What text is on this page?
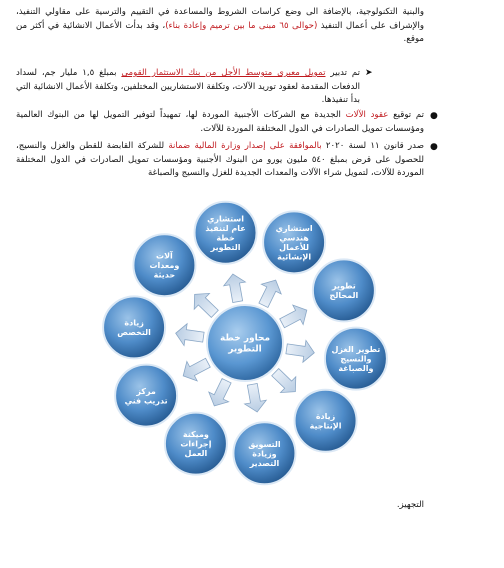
والبنية التكنولوجية، بالإضافة الى وضع كراسات الشروط والمساعدة في التقييم والترسية على مقاولي التنفيذ، والإشراف على أعمال التنفيذ (حوالى ٦٥ مبنى ما بين ترميم وإعادة بناء)، وقد بدأت الأعمال الانشائية في أكثر من موقع.

➤

تم تدبير تمويل معبرى متوسط الأجل من بنك الاستثمار القومى بمبلغ ١,٥ مليار جم، لسداد الدفعات المقدمة لعقود توريد الآلات، وتكلفة الاستشاريين المختلفين، وتكلفة الأعمال الانشائية التي بدأ تنفيذها.

●

تم توقيع عقود الآلات الجديدة مع الشركات الأجنبية الموردة لها، تمهيداً لتوفير التمويل لها من البنوك العالمية ومؤسسات تمويل الصادرات في الدول المختلفة الموردة للآلات.

●

صدر قانون ١١ لسنة ٢٠٢٠ بالموافقة على إصدار وزارة المالية ضمانة للشركة القابضة للقطن والغزل والنسيج، للحصول على قرض بمبلغ ٥٤٠ مليون يورو من البنوك الأجنبية ومؤسسات تمويل الصادرات في الدول المختلفة الموردة للآلات، لتمويل شراء الآلات والمعدات الجديدة للغزل والنسيج والصباغة

استشاري
عام لتنفيذ
خطة
التطوير
استشاري
هندسي
للأعمال
الإنشائية
تطوير
المحالج
تطوير الغزل
والنسيج
والصباغة
زيادة
الإنتاجية
التسويق
وزيادة
التصدير
وميكنة
إجراءات
العمل
مركز
تدريب فني
زيادة
التخصص
آلات
ومعدات
حديثة
محاور خطة
التطوير
التجهيز.
